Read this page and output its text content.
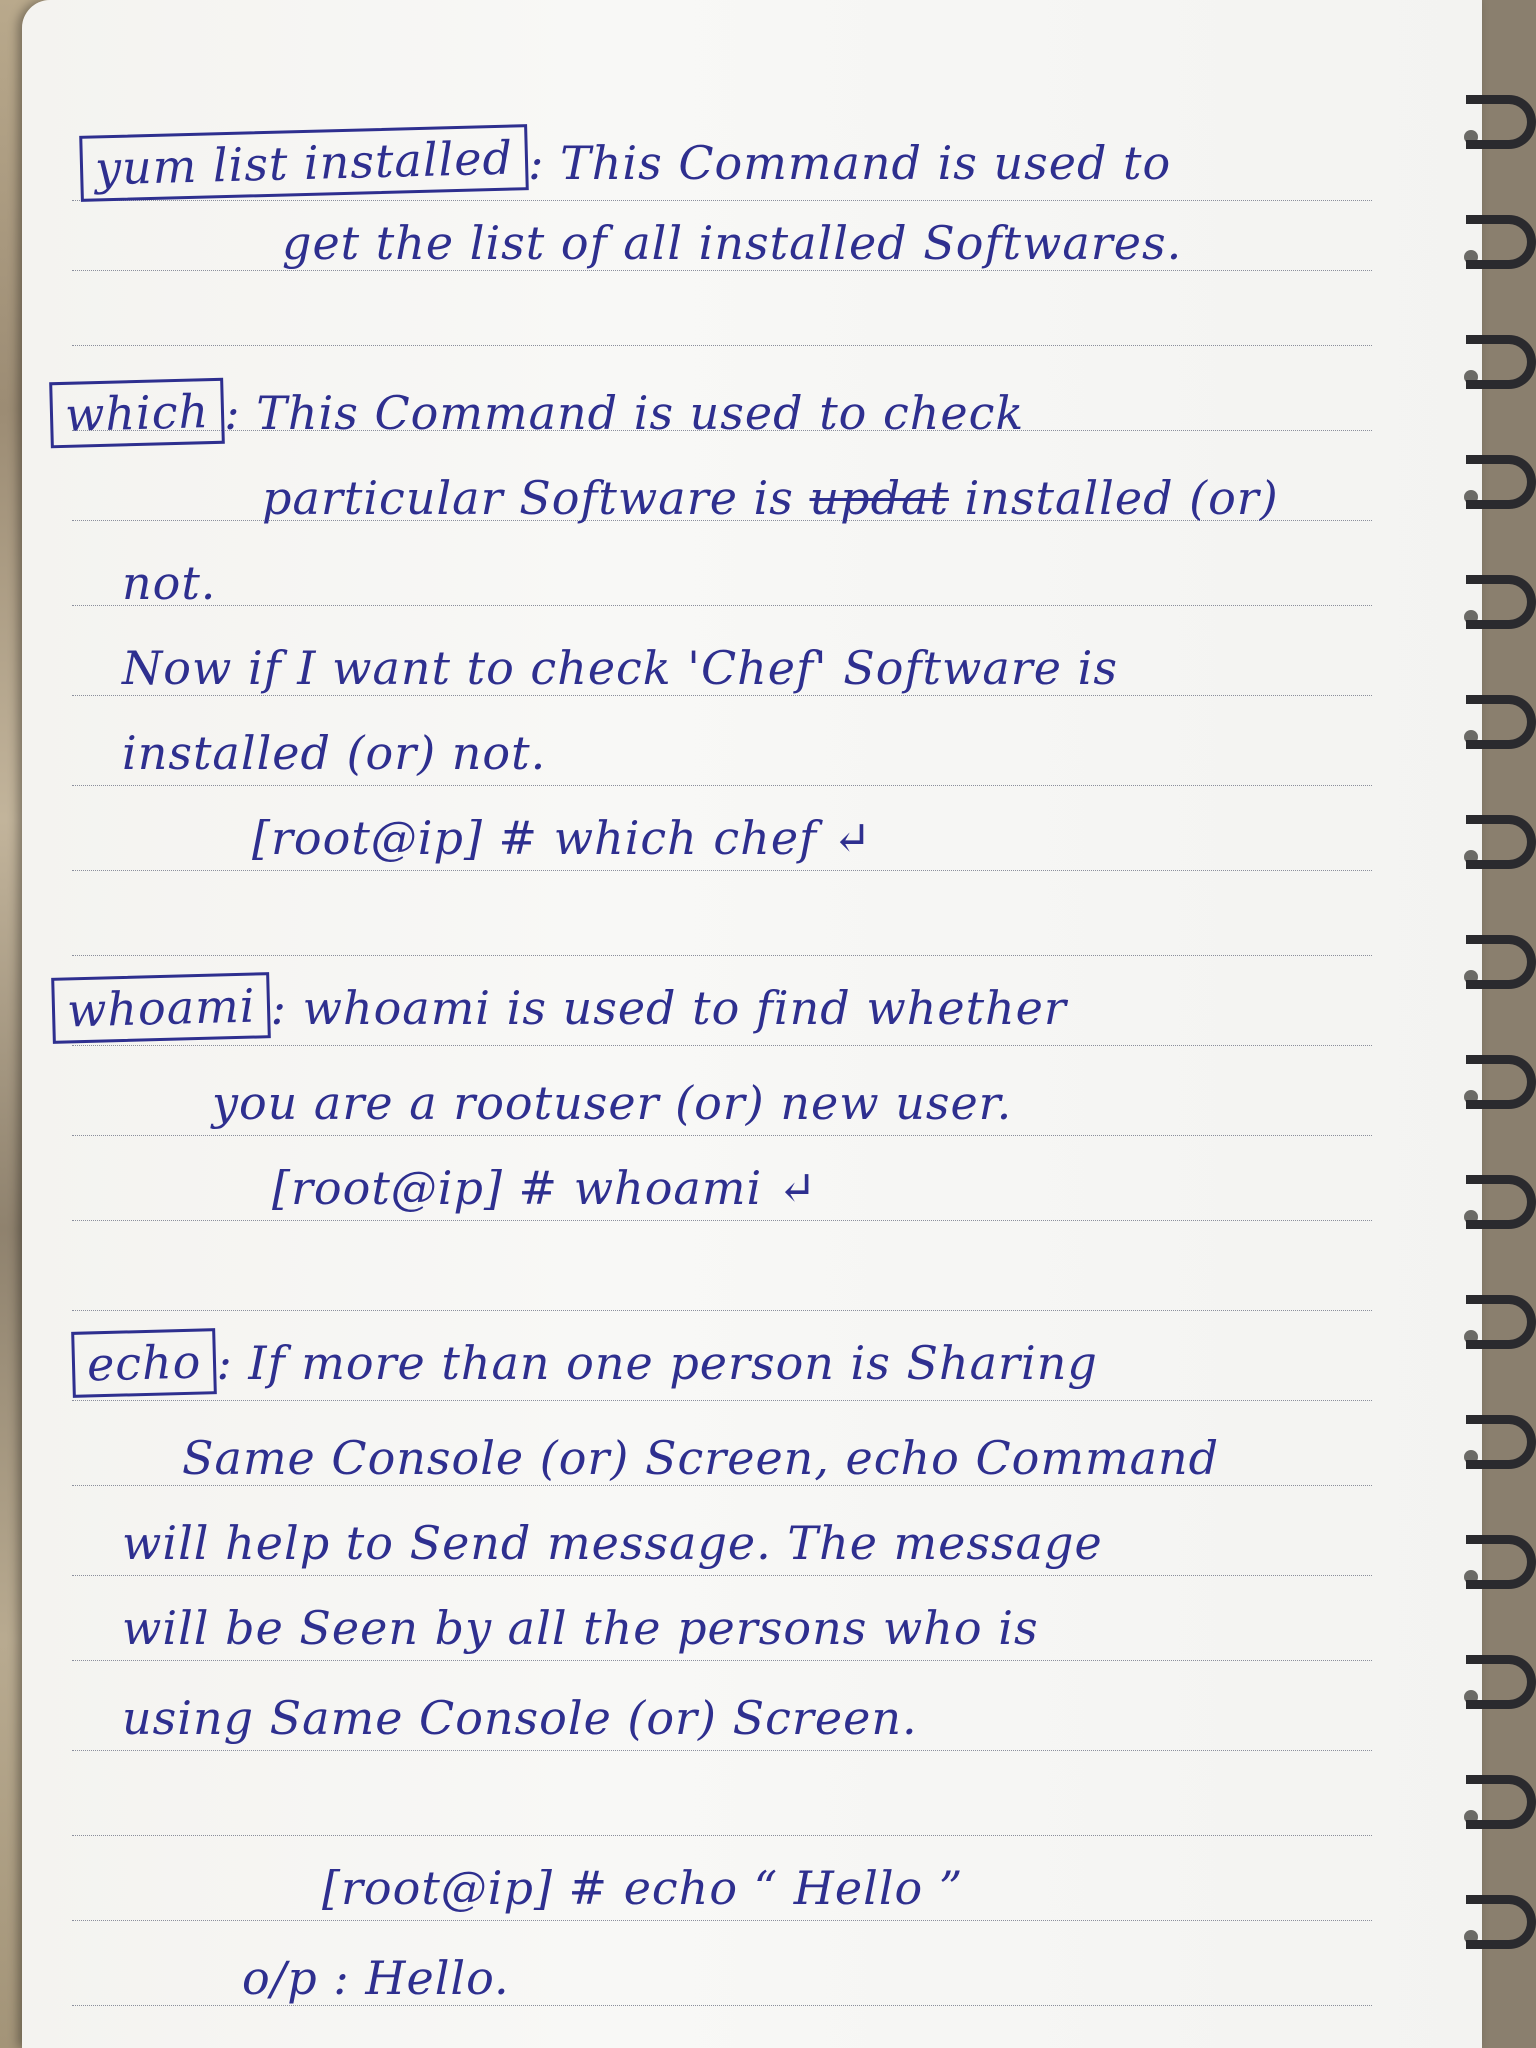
yum list installed : This Command is used to
get the list of all installed Softwares.
which : This Command is used to check
particular Software is updat installed (or)
not.
Now if I want to check 'Chef' Software is
installed (or) not.
[root@ip] # which chef ↵
whoami : whoami is used to find whether
you are a rootuser (or) new user.
[root@ip] # whoami ↵
echo : If more than one person is Sharing
Same Console (or) Screen, echo Command
will help to Send message. The message
will be Seen by all the persons who is
using Same Console (or) Screen.
[root@ip] # echo “ Hello ”
o/p : Hello.
